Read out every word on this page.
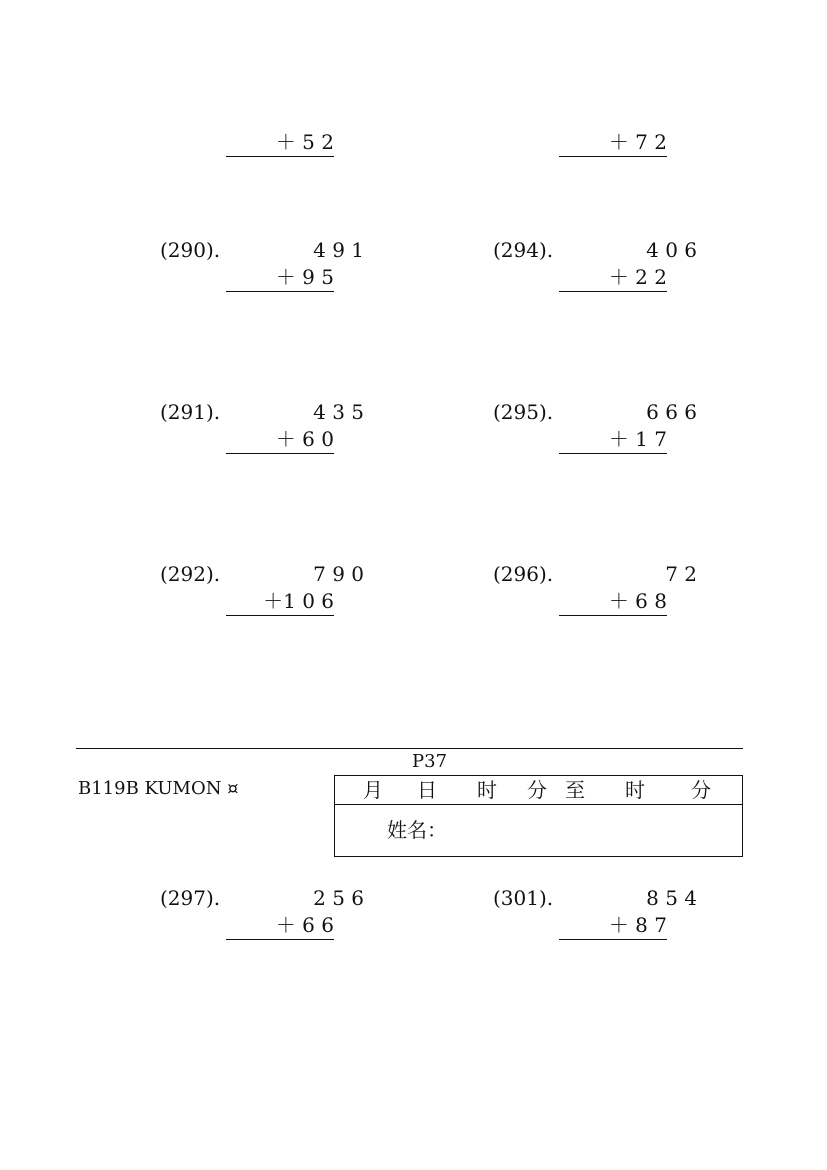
＋ 5 2	＋ 7 2
(290).	4 9 1
＋ 9 5
(294).	4 0 6
＋ 2 2
(291).	4 3 5
＋ 6 0
(295).	6 6 6
＋ 1 7
(292).	7 9 0
＋1 0 6
(296).	7 2
＋ 6 8
P37
B119B KUMON ¤	月 日 时 分 至 时 分
姓名：
(297).	2 5 6
＋ 6 6
(301).	8 5 4
＋ 8 7
